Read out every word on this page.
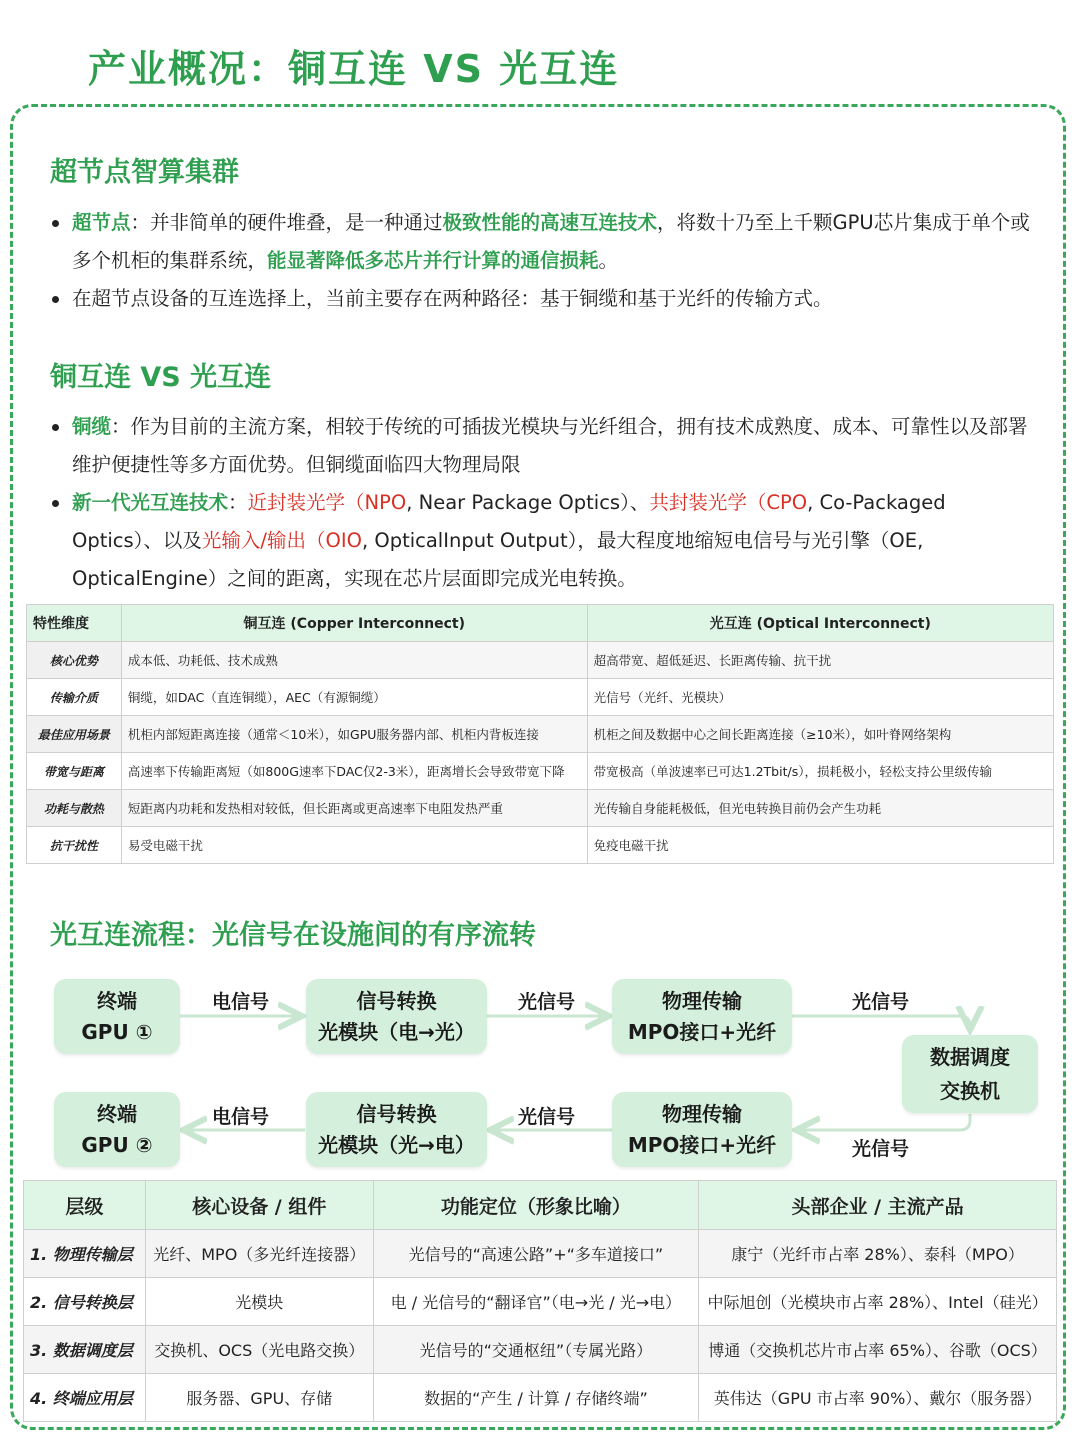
产业概况：铜互连 VS 光互连
超节点智算集群
超节点：并非简单的硬件堆叠，是一种通过极致性能的高速互连技术，将数十乃至上千颗GPU芯片集成于单个或多个机柜的集群系统，能显著降低多芯片并行计算的通信损耗。
在超节点设备的互连选择上，当前主要存在两种路径：基于铜缆和基于光纤的传输方式。
铜互连 VS 光互连
铜缆：作为目前的主流方案，相较于传统的可插拔光模块与光纤组合，拥有技术成熟度、成本、可靠性以及部署维护便捷性等多方面优势。但铜缆面临四大物理局限
新一代光互连技术：近封装光学（NPO, Near Package Optics）、共封装光学（CPO, Co-Packaged Optics）、以及光输入/输出（OIO, OpticalInput Output），最大程度地缩短电信号与光引擎（OE, OpticalEngine）之间的距离，实现在芯片层面即完成光电转换。
特性维度	铜互连 (Copper Interconnect)	光互连 (Optical Interconnect)
核心优势	成本低、功耗低、技术成熟	超高带宽、超低延迟、长距离传输、抗干扰
传输介质	铜缆，如DAC（直连铜缆），AEC（有源铜缆）	光信号（光纤、光模块）
最佳应用场景	机柜内部短距离连接（通常＜10米），如GPU服务器内部、机柜内背板连接	机柜之间及数据中心之间长距离连接（≥10米），如叶脊网络架构
带宽与距离	高速率下传输距离短（如800G速率下DAC仅2-3米），距离增长会导致带宽下降	带宽极高（单波速率已可达1.2Tbit/s），损耗极小，轻松支持公里级传输
功耗与散热	短距离内功耗和发热相对较低，但长距离或更高速率下电阻发热严重	光传输自身能耗极低，但光电转换目前仍会产生功耗
抗干扰性	易受电磁干扰	免疫电磁干扰
光互连流程：光信号在设施间的有序流转
终端
GPU ①
信号转换
光模块（电→光）
物理传输
MPO接口+光纤
数据调度
交换机
终端
GPU ②
信号转换
光模块（光→电）
物理传输
MPO接口+光纤
电信号	光信号	光信号
电信号	光信号
光信号
层级	核心设备 / 组件	功能定位（形象比喻）	头部企业 / 主流产品
1. 物理传输层	光纤、MPO（多光纤连接器）	光信号的“高速公路”+“多车道接口”	康宁（光纤市占率 28%）、泰科（MPO）
2. 信号转换层	光模块	电 / 光信号的“翻译官”（电→光 / 光→电）	中际旭创（光模块市占率 28%）、Intel（硅光）
3. 数据调度层	交换机、OCS（光电路交换）	光信号的“交通枢纽”（专属光路）	博通（交换机芯片市占率 65%）、谷歌（OCS）
4. 终端应用层	服务器、GPU、存储	数据的“产生 / 计算 / 存储终端”	英伟达（GPU 市占率 90%）、戴尔（服务器）
